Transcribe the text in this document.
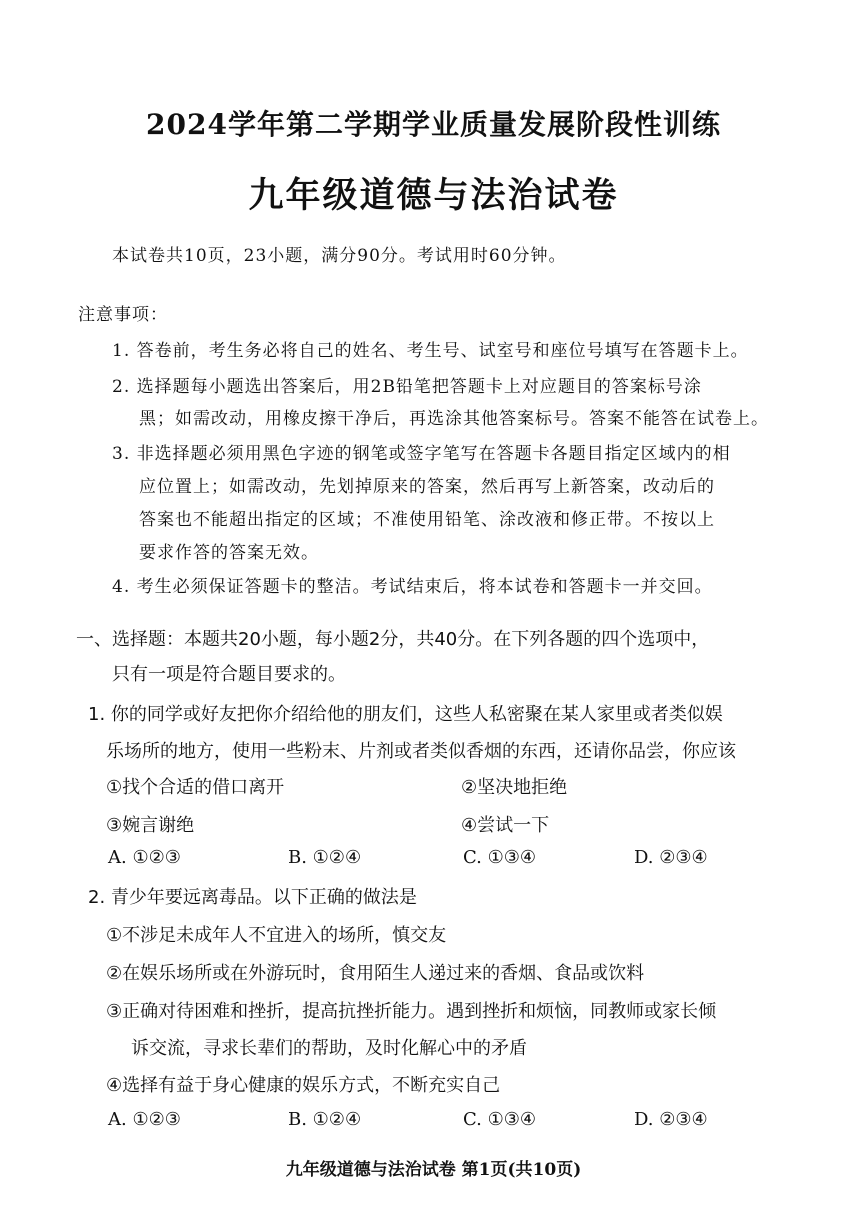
2024学年第二学期学业质量发展阶段性训练
九年级道德与法治试卷
本试卷共10页，23小题，满分90分。考试用时60分钟。
注意事项：
1. 答卷前，考生务必将自己的姓名、考生号、试室号和座位号填写在答题卡上。
2. 选择题每小题选出答案后，用2B铅笔把答题卡上对应题目的答案标号涂
黑；如需改动，用橡皮擦干净后，再选涂其他答案标号。答案不能答在试卷上。
3. 非选择题必须用黑色字迹的钢笔或签字笔写在答题卡各题目指定区域内的相
应位置上；如需改动，先划掉原来的答案，然后再写上新答案，改动后的
答案也不能超出指定的区域；不准使用铅笔、涂改液和修正带。不按以上
要求作答的答案无效。
4. 考生必须保证答题卡的整洁。考试结束后，将本试卷和答题卡一并交回。
一、选择题：本题共20小题，每小题2分，共40分。在下列各题的四个选项中，
只有一项是符合题目要求的。
1. 你的同学或好友把你介绍给他的朋友们，这些人私密聚在某人家里或者类似娱
乐场所的地方，使用一些粉末、片剂或者类似香烟的东西，还请你品尝，你应该
①找个合适的借口离开	②坚决地拒绝
③婉言谢绝	④尝试一下
A. ①②③	B. ①②④	C. ①③④	D. ②③④
2. 青少年要远离毒品。以下正确的做法是
①不涉足未成年人不宜进入的场所，慎交友
②在娱乐场所或在外游玩时，食用陌生人递过来的香烟、食品或饮料
③正确对待困难和挫折，提高抗挫折能力。遇到挫折和烦恼，同教师或家长倾
诉交流，寻求长辈们的帮助，及时化解心中的矛盾
④选择有益于身心健康的娱乐方式，不断充实自己
A. ①②③	B. ①②④	C. ①③④	D. ②③④
九年级道德与法治试卷 第1页(共10页)
